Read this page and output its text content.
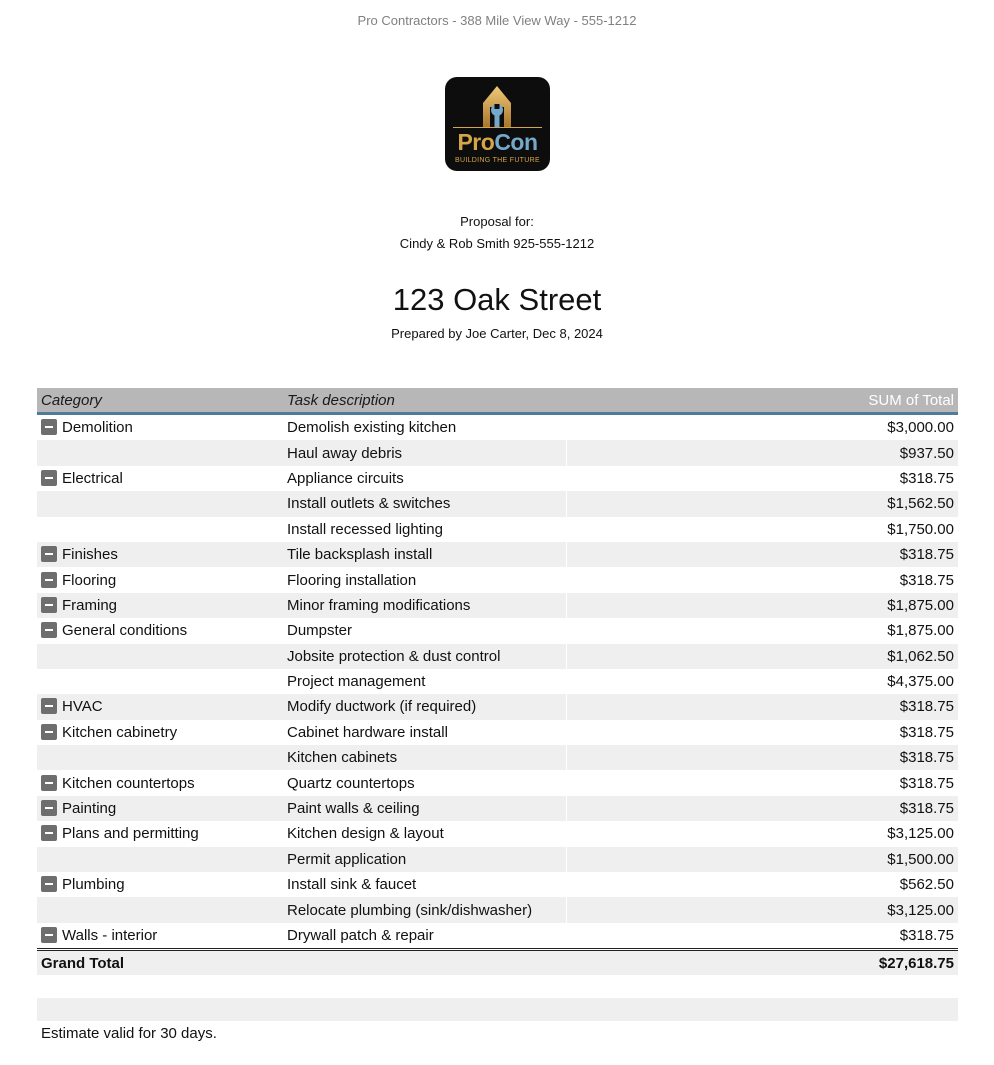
Pro Contractors - 388 Mile View Way - 555-1212
ProCon
BUILDING THE FUTURE
Proposal for:
Cindy & Rob Smith 925-555-1212
123 Oak Street
Prepared by Joe Carter, Dec 8, 2024
Category	Task description	SUM of Total
Demolition	Demolish existing kitchen	$3,000.00
	Haul away debris	$937.50
Electrical	Appliance circuits	$318.75
	Install outlets & switches	$1,562.50
	Install recessed lighting	$1,750.00
Finishes	Tile backsplash install	$318.75
Flooring	Flooring installation	$318.75
Framing	Minor framing modifications	$1,875.00
General conditions	Dumpster	$1,875.00
	Jobsite protection & dust control	$1,062.50
	Project management	$4,375.00
HVAC	Modify ductwork (if required)	$318.75
Kitchen cabinetry	Cabinet hardware install	$318.75
	Kitchen cabinets	$318.75
Kitchen countertops	Quartz countertops	$318.75
Painting	Paint walls & ceiling	$318.75
Plans and permitting	Kitchen design & layout	$3,125.00
	Permit application	$1,500.00
Plumbing	Install sink & faucet	$562.50
	Relocate plumbing (sink/dishwasher)	$3,125.00
Walls - interior	Drywall patch & repair	$318.75
Grand Total		$27,618.75
Estimate valid for 30 days.
